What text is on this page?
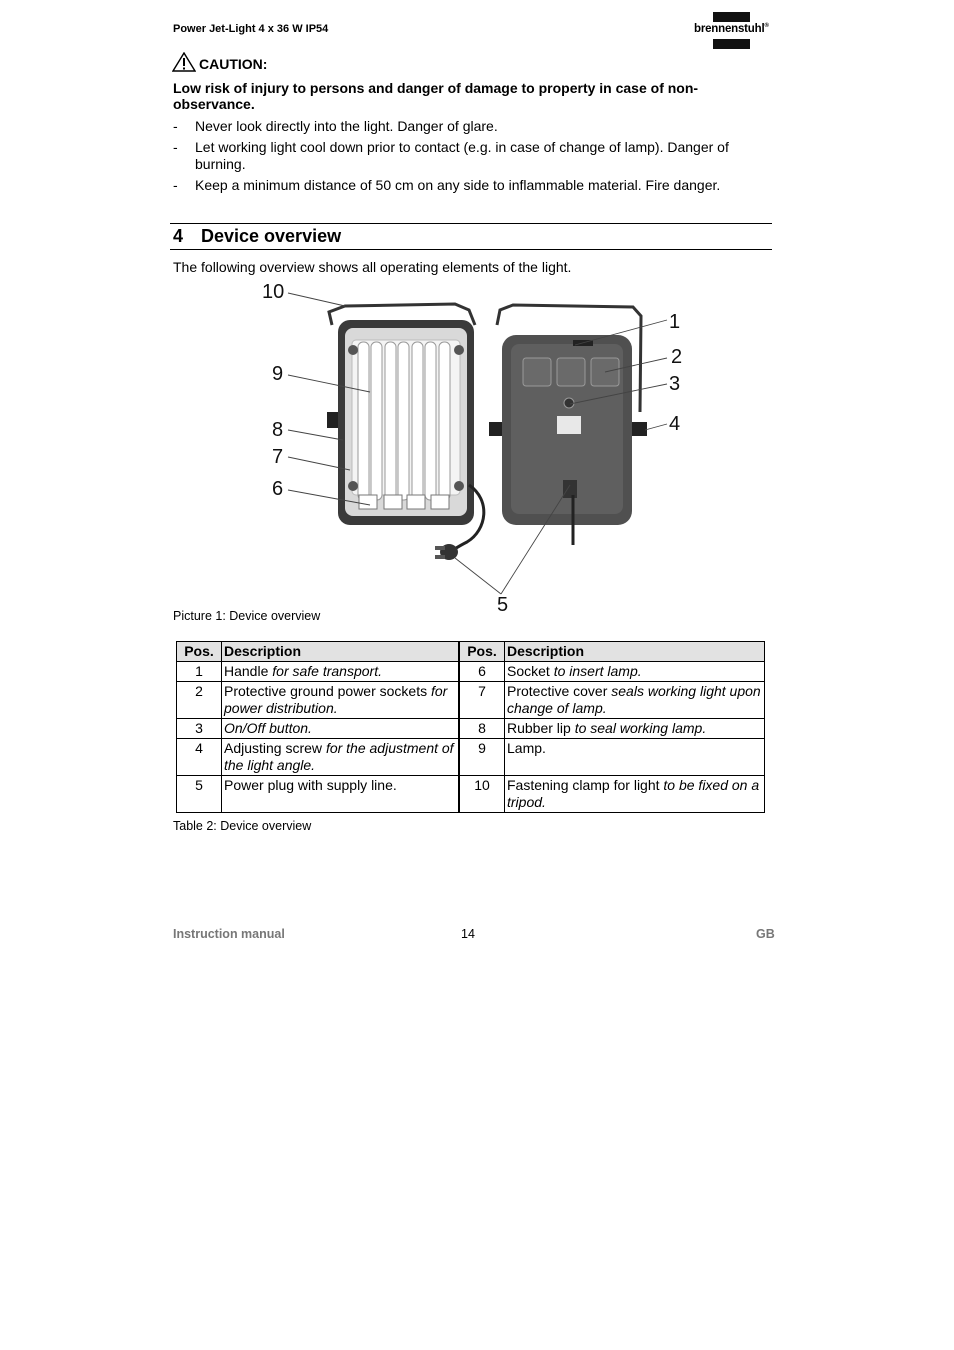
Power Jet-Light 4 x 36 W IP54	brennenstuhl®
CAUTION:
Low risk of injury to persons and danger of damage to property in case of non-observance.
- Never look directly into the light. Danger of glare.
- Let working light cool down prior to contact (e.g. in case of change of lamp). Danger of burning.
- Keep a minimum distance of 50 cm on any side to inflammable material. Fire danger.
4 Device overview
The following overview shows all operating elements of the light.
10
1
2
3
4
9
8
7
6
5
Picture 1: Device overview
Pos.	Description	Pos.	Description
1	Handle for safe transport.	6	Socket to insert lamp.
2	Protective ground power sockets for power distribution.	7	Protective cover seals working light upon change of lamp.
3	On/Off button.	8	Rubber lip to seal working lamp.
4	Adjusting screw for the adjustment of the light angle.	9	Lamp.
5	Power plug with supply line.	10	Fastening clamp for light to be fixed on a tripod.
Table 2: Device overview
Instruction manual	14	GB
